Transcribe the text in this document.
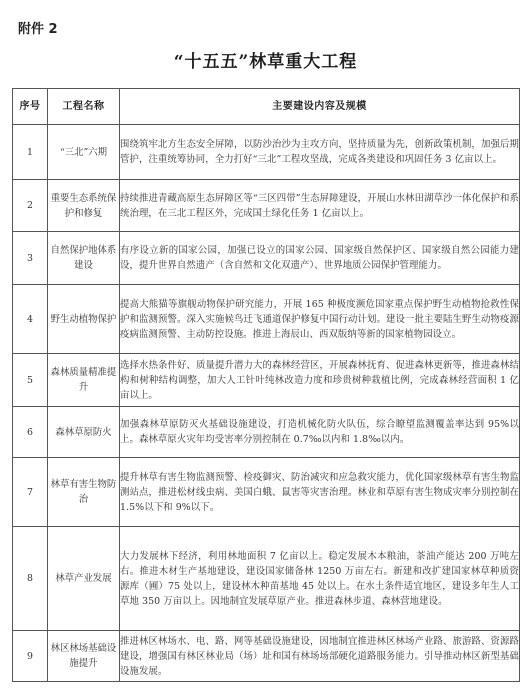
附件 2
“十五五”林草重大工程
序号	工程名称	主要建设内容及规模
1	“三北”六期	围绕筑牢北方生态安全屏障，以防沙治沙为主攻方向，坚持质量为先，创新政策机制，加强后期管护，注重统筹协同，全力打好“三北”工程攻坚战，完成各类建设和巩固任务 3 亿亩以上。
2	重要生态系统保护和修复	持续推进青藏高原生态屏障区等“三区四带”生态屏障建设，开展山水林田湖草沙一体化保护和系统治理，在三北工程区外，完成国土绿化任务 1 亿亩以上。
3	自然保护地体系建设	有序设立新的国家公园，加强已设立的国家公园、国家级自然保护区、国家级自然公园能力建设，提升世界自然遗产（含自然和文化双遗产）、世界地质公园保护管理能力。
4	野生动植物保护	提高大熊猫等旗舰动物保护研究能力，开展 165 种极度濒危国家重点保护野生动植物抢救性保护和监测预警。深入实施候鸟迁飞通道保护修复中国行动计划。建设一批主要陆生野生动物疫源疫病监测预警、主动防控设施。推进上海辰山、西双版纳等新的国家植物园设立。
5	森林质量精准提升	选择水热条件好、质量提升潜力大的森林经营区，开展森林抚育、促进森林更新等，推进森林结构和树种结构调整，加大人工针叶纯林改造力度和珍贵树种栽植比例，完成森林经营面积 1 亿亩以上。
6	森林草原防火	加强森林草原防灭火基础设施建设，打造机械化防火队伍，综合瞭望监测覆盖率达到 95%以上。森林草原火灾年均受害率分别控制在 0.7‰以内和 1.8‰以内。
7	林草有害生物防治	提升林草有害生物监测预警、检疫御灾、防治减灾和应急救灾能力，优化国家级林草有害生物监测站点，推进松材线虫病、美国白蛾、鼠害等灾害治理。林业和草原有害生物成灾率分别控制在 1.5%以下和 9%以下。
8	林草产业发展	大力发展林下经济，利用林地面积 7 亿亩以上。稳定发展木本粮油，茶油产能达 200 万吨左右。推进木材生产基地建设，建设国家储备林 1250 万亩左右。新建和改扩建国家林草种质资源库（圃）75 处以上，建设林木种苗基地 45 处以上。在水土条件适宜地区，建设多年生人工草地 350 万亩以上。因地制宜发展草原产业。推进森林步道、森林营地建设。
9	林区林场基础设施提升	推进林区林场水、电、路、网等基础设施建设，因地制宜推进林区林场产业路、旅游路、资源路建设，增强国有林区林业局（场）址和国有林场场部硬化道路服务能力。引导推动林区新型基础设施发展。
